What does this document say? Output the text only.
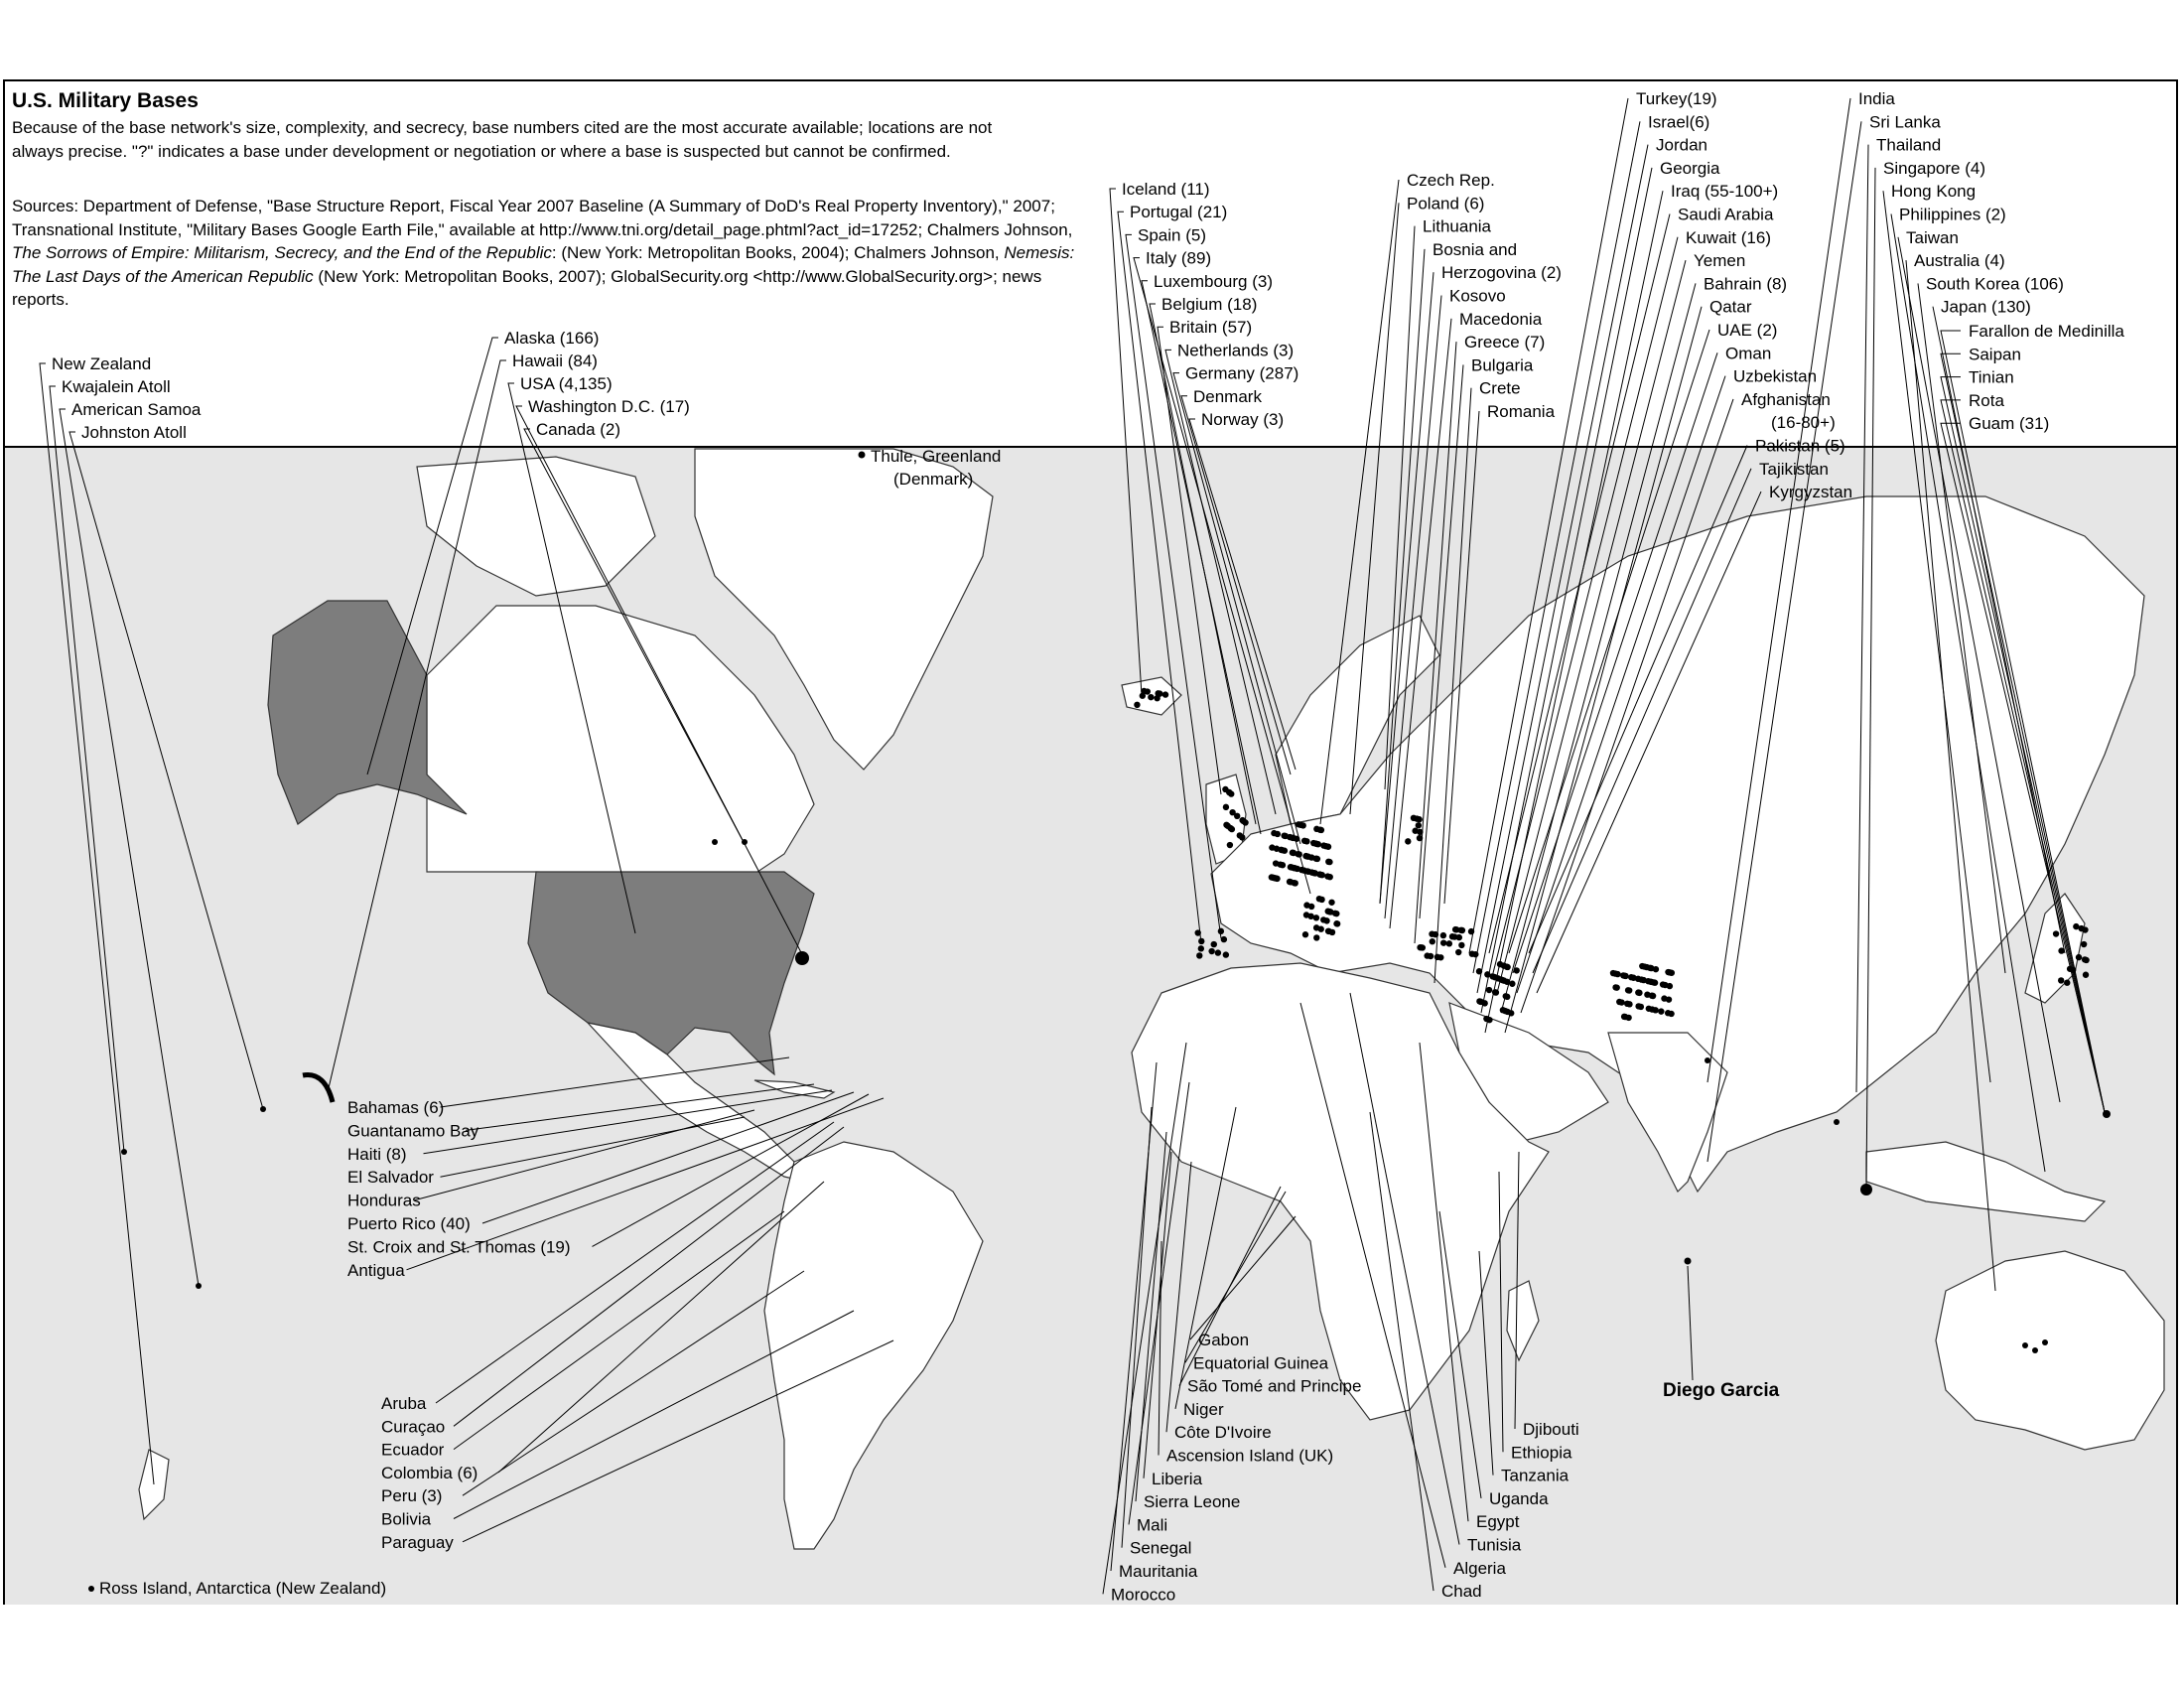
U.S. Military Bases
Because of the base network's size, complexity, and secrecy, base numbers cited are the most accurate available; locations are not always precise. "?" indicates a base under development or negotiation or where a base is suspected but cannot be confirmed.
Sources: Department of Defense, "Base Structure Report, Fiscal Year 2007 Baseline (A Summary of DoD's Real Property Inventory)," 2007; Transnational Institute, "Military Bases Google Earth File," available at http://www.tni.org/detail_page.phtml?act_id=17252; Chalmers Johnson, The Sorrows of Empire: Militarism, Secrecy, and the End of the Republic: (New York: Metropolitan Books, 2004); Chalmers Johnson, Nemesis: The Last Days of the American Republic (New York: Metropolitan Books, 2007); GlobalSecurity.org <http://www.GlobalSecurity.org>; news reports.
New Zealand
Kwajalein Atoll
American Samoa
Johnston Atoll
Alaska (166)
Hawaii (84)
USA (4,135)
Washington D.C. (17)
Canada (2)
Thule, Greenland
(Denmark)
Bahamas (6)
Guantanamo Bay
Haiti (8)
El Salvador
Honduras
Puerto Rico (40)
St. Croix and St. Thomas (19)
Antigua
Aruba
Curaçao
Ecuador
Colombia (6)
Peru (3)
Bolivia
Paraguay
Ross Island, Antarctica (New Zealand)
Iceland (11)
Portugal (21)
Spain (5)
Italy (89)
Luxembourg (3)
Belgium (18)
Britain (57)
Netherlands (3)
Germany (287)
Denmark
Norway (3)
Czech Rep.
Poland (6)
Lithuania
Bosnia and
Herzogovina (2)
Kosovo
Macedonia
Greece (7)
Bulgaria
Crete
Romania
Turkey(19)
Israel(6)
Jordan
Georgia
Iraq (55-100+)
Saudi Arabia
Kuwait (16)
Yemen
Bahrain (8)
Qatar
UAE (2)
Oman
Uzbekistan
Afghanistan
(16-80+)
Pakistan (5)
Tajikistan
Kyrgyzstan
India
Sri Lanka
Thailand
Singapore (4)
Hong Kong
Philippines (2)
Taiwan
Australia (4)
South Korea (106)
Japan (130)
Farallon de Medinilla
Saipan
Tinian
Rota
Guam (31)
Gabon
Equatorial Guinea
São Tomé and Principe
Niger
Côte D'Ivoire
Ascension Island (UK)
Liberia
Sierra Leone
Mali
Senegal
Mauritania
Morocco
Djibouti
Ethiopia
Tanzania
Uganda
Egypt
Tunisia
Algeria
Chad
Diego Garcia
